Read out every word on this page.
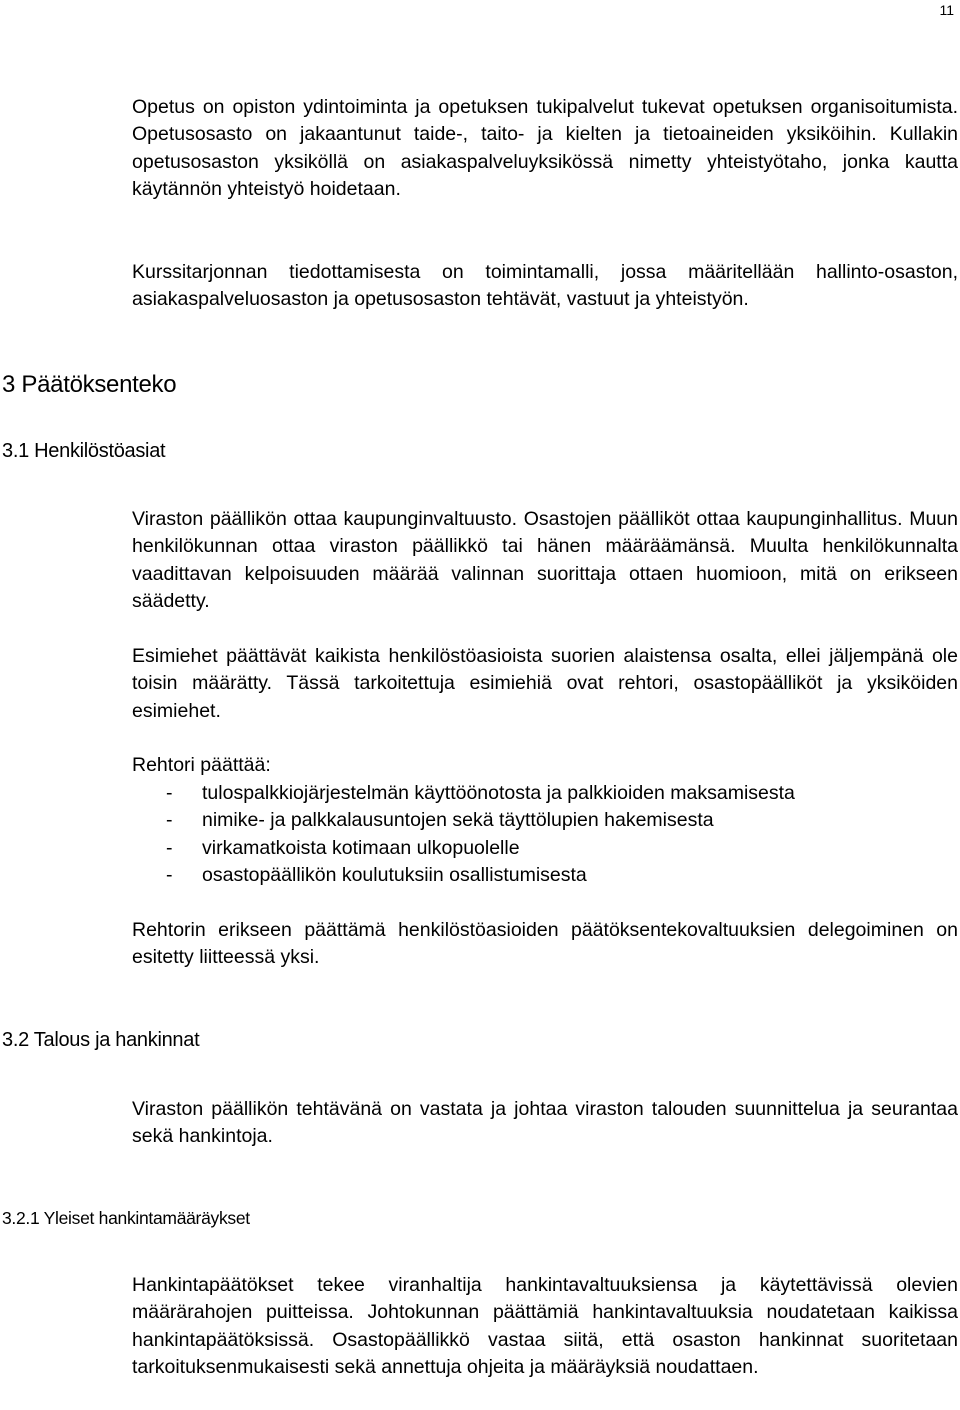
11

Opetus on opiston ydintoiminta ja opetuksen tukipalvelut tukevat opetuksen organisoitumista. Opetusosasto on jakaantunut taide-, taito- ja kielten ja tietoaineiden yksiköihin. Kullakin opetusosaston yksiköllä on asiakaspalveluyksikössä nimetty yhteistyötaho, jonka kautta käytännön yhteistyö hoidetaan.

Kurssitarjonnan tiedottamisesta on toimintamalli, jossa määritellään hallinto-osaston, asiakaspalveluosaston ja opetusosaston tehtävät, vastuut ja yhteistyön.

3 Päätöksenteko
3.1 Henkilöstöasiat

Viraston päällikön ottaa kaupunginvaltuusto. Osastojen päälliköt ottaa kaupunginhallitus. Muun henkilökunnan ottaa viraston päällikkö tai hänen määräämänsä. Muulta henkilökunnalta vaadittavan kelpoisuuden määrää valinnan suorittaja ottaen huomioon, mitä on erikseen säädetty.

Esimiehet päättävät kaikista henkilöstöasioista suorien alaistensa osalta, ellei jäljempänä ole toisin määrätty. Tässä tarkoitettuja esimiehiä ovat rehtori, osastopäälliköt ja yksiköiden esimiehet.

Rehtori päättää:

- tulospalkkiojärjestelmän käyttöönotosta ja palkkioiden maksamisesta
- nimike- ja palkkalausuntojen sekä täyttölupien hakemisesta
- virkamatkoista kotimaan ulkopuolelle
- osastopäällikön koulutuksiin osallistumisesta

Rehtorin erikseen päättämä henkilöstöasioiden päätöksentekovaltuuksien delegoiminen on esitetty liitteessä yksi.

3.2 Talous ja hankinnat

Viraston päällikön tehtävänä on vastata ja johtaa viraston talouden suunnittelua ja seurantaa sekä hankintoja.

3.2.1 Yleiset hankintamääräykset

Hankintapäätökset tekee viranhaltija hankintavaltuuksiensa ja käytettävissä olevien määrärahojen puitteissa. Johtokunnan päättämiä hankintavaltuuksia noudatetaan kaikissa hankintapäätöksissä. Osastopäällikkö vastaa siitä, että osaston hankinnat suoritetaan tarkoituksenmukaisesti sekä annettuja ohjeita ja määräyksiä noudattaen.
